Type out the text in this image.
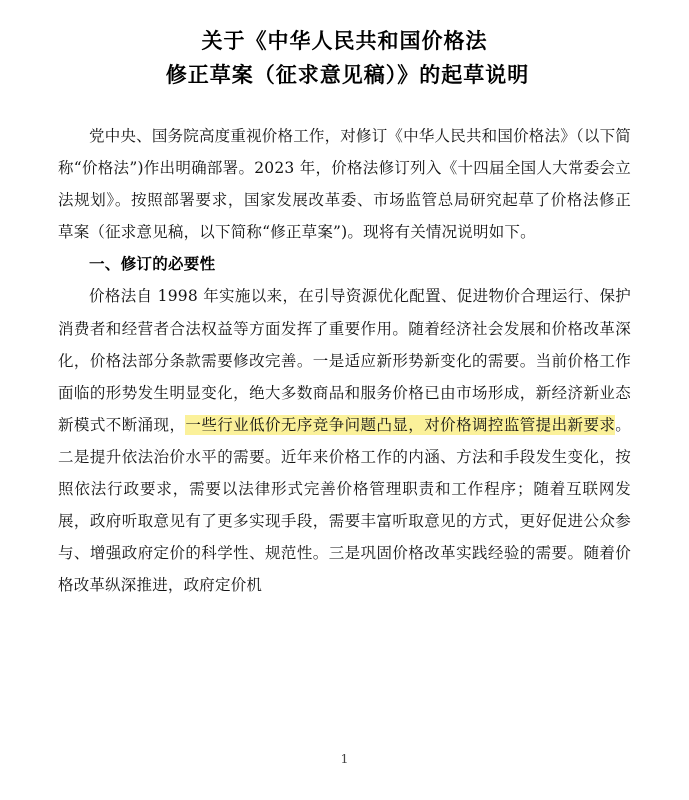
关于《中华人民共和国价格法
修正草案（征求意见稿）》的起草说明

党中央、国务院高度重视价格工作，对修订《中华人民共和国价格法》（以下简称“价格法”)作出明确部署。2023 年，价格法修订列入《十四届全国人大常委会立法规划》。按照部署要求，国家发展改革委、市场监管总局研究起草了价格法修正草案（征求意见稿，以下简称“修正草案”)。现将有关情况说明如下。

一、修订的必要性

价格法自 1998 年实施以来，在引导资源优化配置、促进物价合理运行、保护消费者和经营者合法权益等方面发挥了重要作用。随着经济社会发展和价格改革深化，价格法部分条款需要修改完善。一是适应新形势新变化的需要。当前价格工作面临的形势发生明显变化，绝大多数商品和服务价格已由市场形成，新经济新业态新模式不断涌现，一些行业低价无序竞争问题凸显，对价格调控监管提出新要求。二是提升依法治价水平的需要。近年来价格工作的内涵、方法和手段发生变化，按照依法行政要求，需要以法律形式完善价格管理职责和工作程序；随着互联网发展，政府听取意见有了更多实现手段，需要丰富听取意见的方式，更好促进公众参与、增强政府定价的科学性、规范性。三是巩固价格改革实践经验的需要。随着价格改革纵深推进，政府定价机

1
